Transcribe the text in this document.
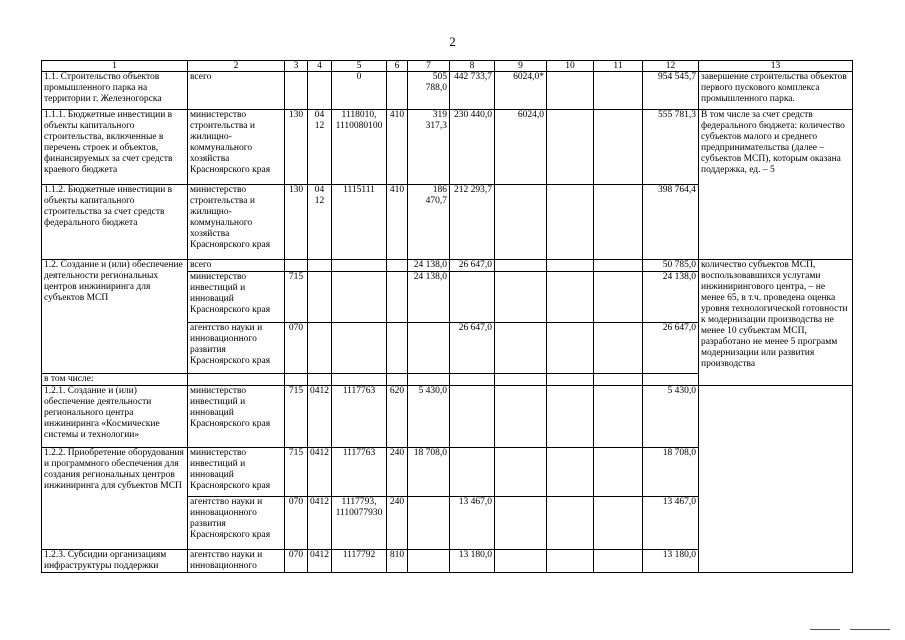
2
1	2	3	4	5	6	7	8	9	10	11	12	13
1.1. Строительство объектов промышленного парка на территории г. Железногорска	всего			0		505 788,0	442 733,7	6024,0*			954 545,7	завершение строительства объектов первого пускового комплекса промышленного парка.
1.1.1. Бюджетные инвестиции в объекты капитального строительства, включенные в перечень строек и объектов, финансируемых за счет средств краевого бюджета	министерство строительства и жилищно-коммунального хозяйства Красноярского края	130	04 12	1118010, 1110080100	410	319 317,3	230 440,0	6024,0			555 781,3	В том числе за счет средств федерального бюджета: количество субъектов малого и среднего предпринимательства (далее – субъектов МСП), которым оказана поддержка, ед. – 5
1.1.2. Бюджетные инвестиции в объекты капитального строительства за счет средств федерального бюджета	министерство строительства и жилищно-коммунального хозяйства Красноярского края	130	04 12	1115111	410	186 470,7	212 293,7				398 764,4	
1.2. Создание и (или) обеспечение деятельности региональных центров инжиниринга для субъектов МСП	всего					24 138,0	26 647,0				50 785,0	количество субъектов МСП, воспользовавшихся услугами инжинирингового центра, – не менее 65, в т.ч. проведена оценка уровня технологической готовности к модернизации производства не менее 10 субъектам МСП, разработано не менее 5 программ модернизации или развития производства
	министерство инвестиций и инноваций Красноярского края	715				24 138,0					24 138,0	
	агентство науки и инновационного развития Красноярского края	070					26 647,0				26 647,0	
в том числе:												
1.2.1. Создание и (или) обеспечение деятельности регионального центра инжиниринга «Космические системы и технологии»	министерство инвестиций и инноваций Красноярского края	715	0412	1117763	620	5 430,0					5 430,0	
1.2.2. Приобретение оборудования и программного обеспечения для создания региональных центров инжиниринга для субъектов МСП	министерство инвестиций и инноваций Красноярского края	715	0412	1117763	240	18 708,0					18 708,0	
	агентство науки и инновационного развития Красноярского края	070	0412	1117793, 1110077930	240		13 467,0				13 467,0	
1.2.3. Субсидии организациям инфраструктуры поддержки	агентство науки и инновационного	070	0412	1117792	810		13 180,0				13 180,0	
